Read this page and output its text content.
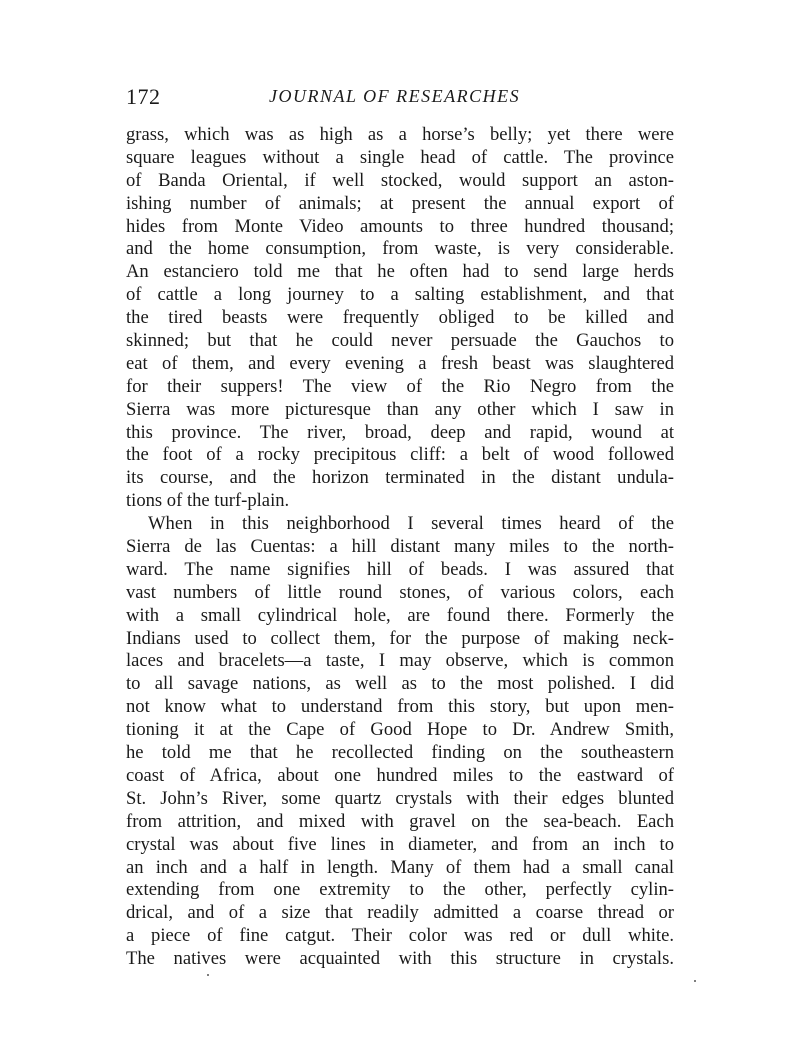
172	JOURNAL OF RESEARCHES
grass, which was as high as a horse’s belly; yet there were
square leagues without a single head of cattle. The province
of Banda Oriental, if well stocked, would support an aston-
ishing number of animals; at present the annual export of
hides from Monte Video amounts to three hundred thousand;
and the home consumption, from waste, is very considerable.
An estanciero told me that he often had to send large herds
of cattle a long journey to a salting establishment, and that
the tired beasts were frequently obliged to be killed and
skinned; but that he could never persuade the Gauchos to
eat of them, and every evening a fresh beast was slaughtered
for their suppers! The view of the Rio Negro from the
Sierra was more picturesque than any other which I saw in
this province. The river, broad, deep and rapid, wound at
the foot of a rocky precipitous cliff: a belt of wood followed
its course, and the horizon terminated in the distant undula-
tions of the turf-plain.
When in this neighborhood I several times heard of the
Sierra de las Cuentas: a hill distant many miles to the north-
ward. The name signifies hill of beads. I was assured that
vast numbers of little round stones, of various colors, each
with a small cylindrical hole, are found there. Formerly the
Indians used to collect them, for the purpose of making neck-
laces and bracelets—a taste, I may observe, which is common
to all savage nations, as well as to the most polished. I did
not know what to understand from this story, but upon men-
tioning it at the Cape of Good Hope to Dr. Andrew Smith,
he told me that he recollected finding on the southeastern
coast of Africa, about one hundred miles to the eastward of
St. John’s River, some quartz crystals with their edges blunted
from attrition, and mixed with gravel on the sea-beach. Each
crystal was about five lines in diameter, and from an inch to
an inch and a half in length. Many of them had a small canal
extending from one extremity to the other, perfectly cylin-
drical, and of a size that readily admitted a coarse thread or
a piece of fine catgut. Their color was red or dull white.
The natives were acquainted with this structure in crystals.
